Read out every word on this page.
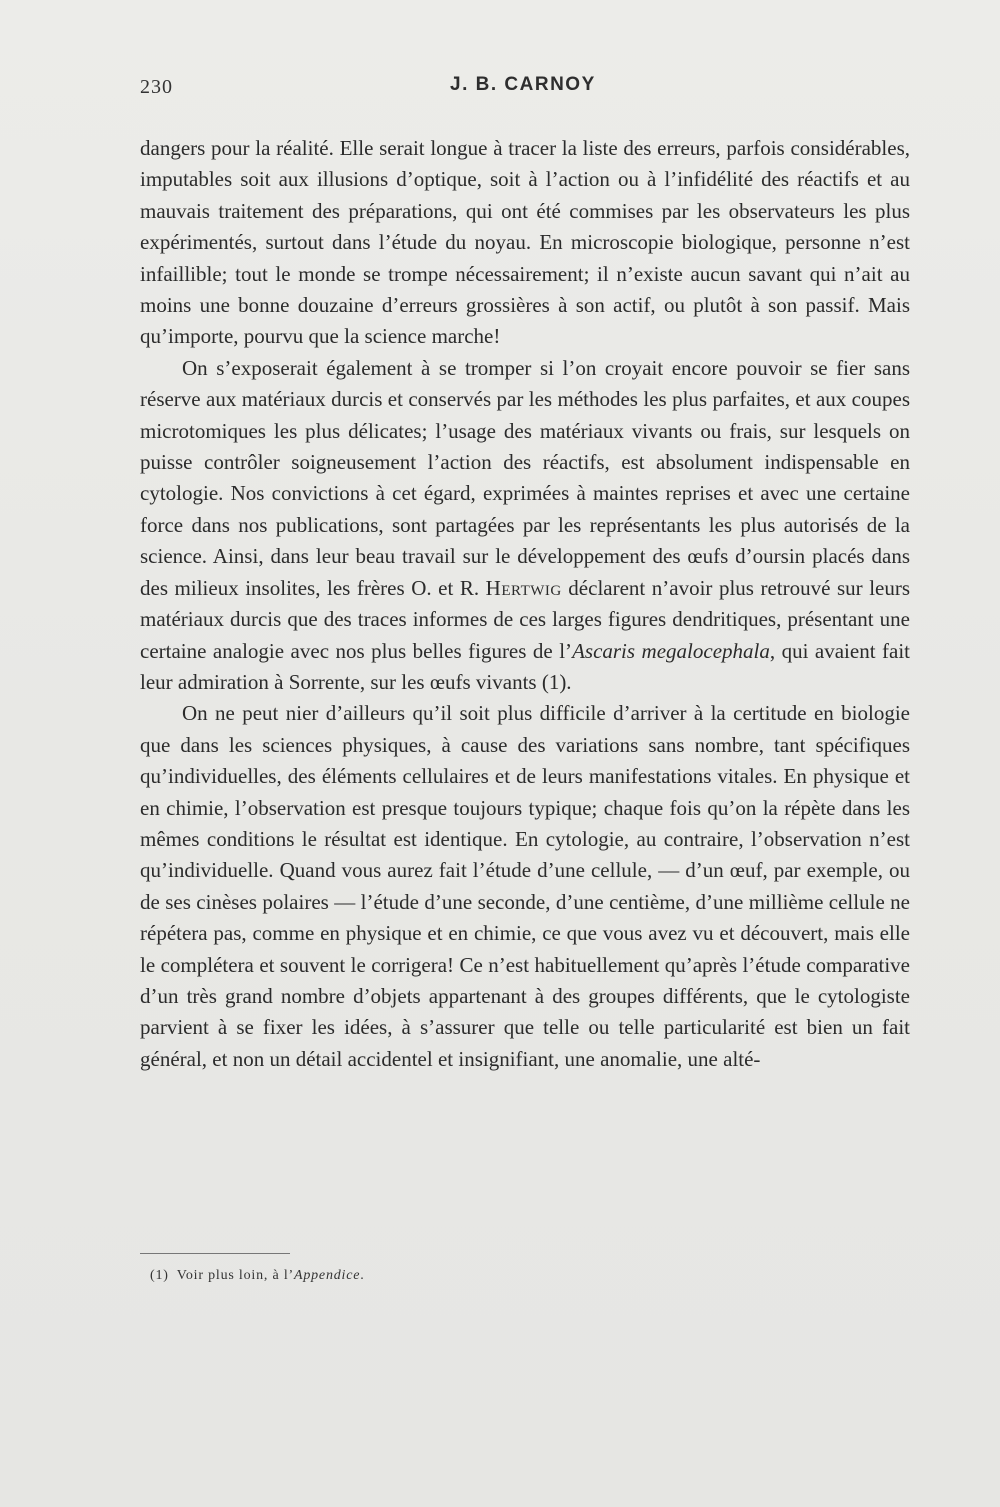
230	J. B. CARNOY

dangers pour la réalité. Elle serait longue à tracer la liste des erreurs, parfois considérables, imputables soit aux illusions d’optique, soit à l’action ou à l’infidélité des réactifs et au mauvais traitement des préparations, qui ont été commises par les observateurs les plus expérimentés, surtout dans l’étude du noyau. En microscopie biologique, personne n’est infaillible; tout le monde se trompe nécessairement; il n’existe aucun savant qui n’ait au moins une bonne douzaine d’erreurs grossières à son actif, ou plutôt à son passif. Mais qu’importe, pourvu que la science marche!

On s’exposerait également à se tromper si l’on croyait encore pouvoir se fier sans réserve aux matériaux durcis et conservés par les méthodes les plus parfaites, et aux coupes microtomiques les plus délicates; l’usage des matériaux vivants ou frais, sur lesquels on puisse contrôler soigneusement l’action des réactifs, est absolument indispensable en cytologie. Nos convictions à cet égard, exprimées à maintes reprises et avec une certaine force dans nos publications, sont partagées par les représentants les plus autorisés de la science. Ainsi, dans leur beau travail sur le développement des œufs d’oursin placés dans des milieux insolites, les frères O. et R. Hertwig déclarent n’avoir plus retrouvé sur leurs matériaux durcis que des traces informes de ces larges figures dendritiques, présentant une certaine analogie avec nos plus belles figures de l’Ascaris megalocephala, qui avaient fait leur admiration à Sorrente, sur les œufs vivants (1).

On ne peut nier d’ailleurs qu’il soit plus difficile d’arriver à la certitude en biologie que dans les sciences physiques, à cause des variations sans nombre, tant spécifiques qu’individuelles, des éléments cellulaires et de leurs manifestations vitales. En physique et en chimie, l’observation est presque toujours typique; chaque fois qu’on la répète dans les mêmes conditions le résultat est identique. En cytologie, au contraire, l’observation n’est qu’individuelle. Quand vous aurez fait l’étude d’une cellule, — d’un œuf, par exemple, ou de ses cinèses polaires — l’étude d’une seconde, d’une centième, d’une millième cellule ne répétera pas, comme en physique et en chimie, ce que vous avez vu et découvert, mais elle le complétera et souvent le corrigera! Ce n’est habituellement qu’après l’étude comparative d’un très grand nombre d’objets appartenant à des groupes différents, que le cytologiste parvient à se fixer les idées, à s’assurer que telle ou telle particularité est bien un fait général, et non un détail accidentel et insignifiant, une anomalie, une alté-

(1) Voir plus loin, à l’Appendice.
